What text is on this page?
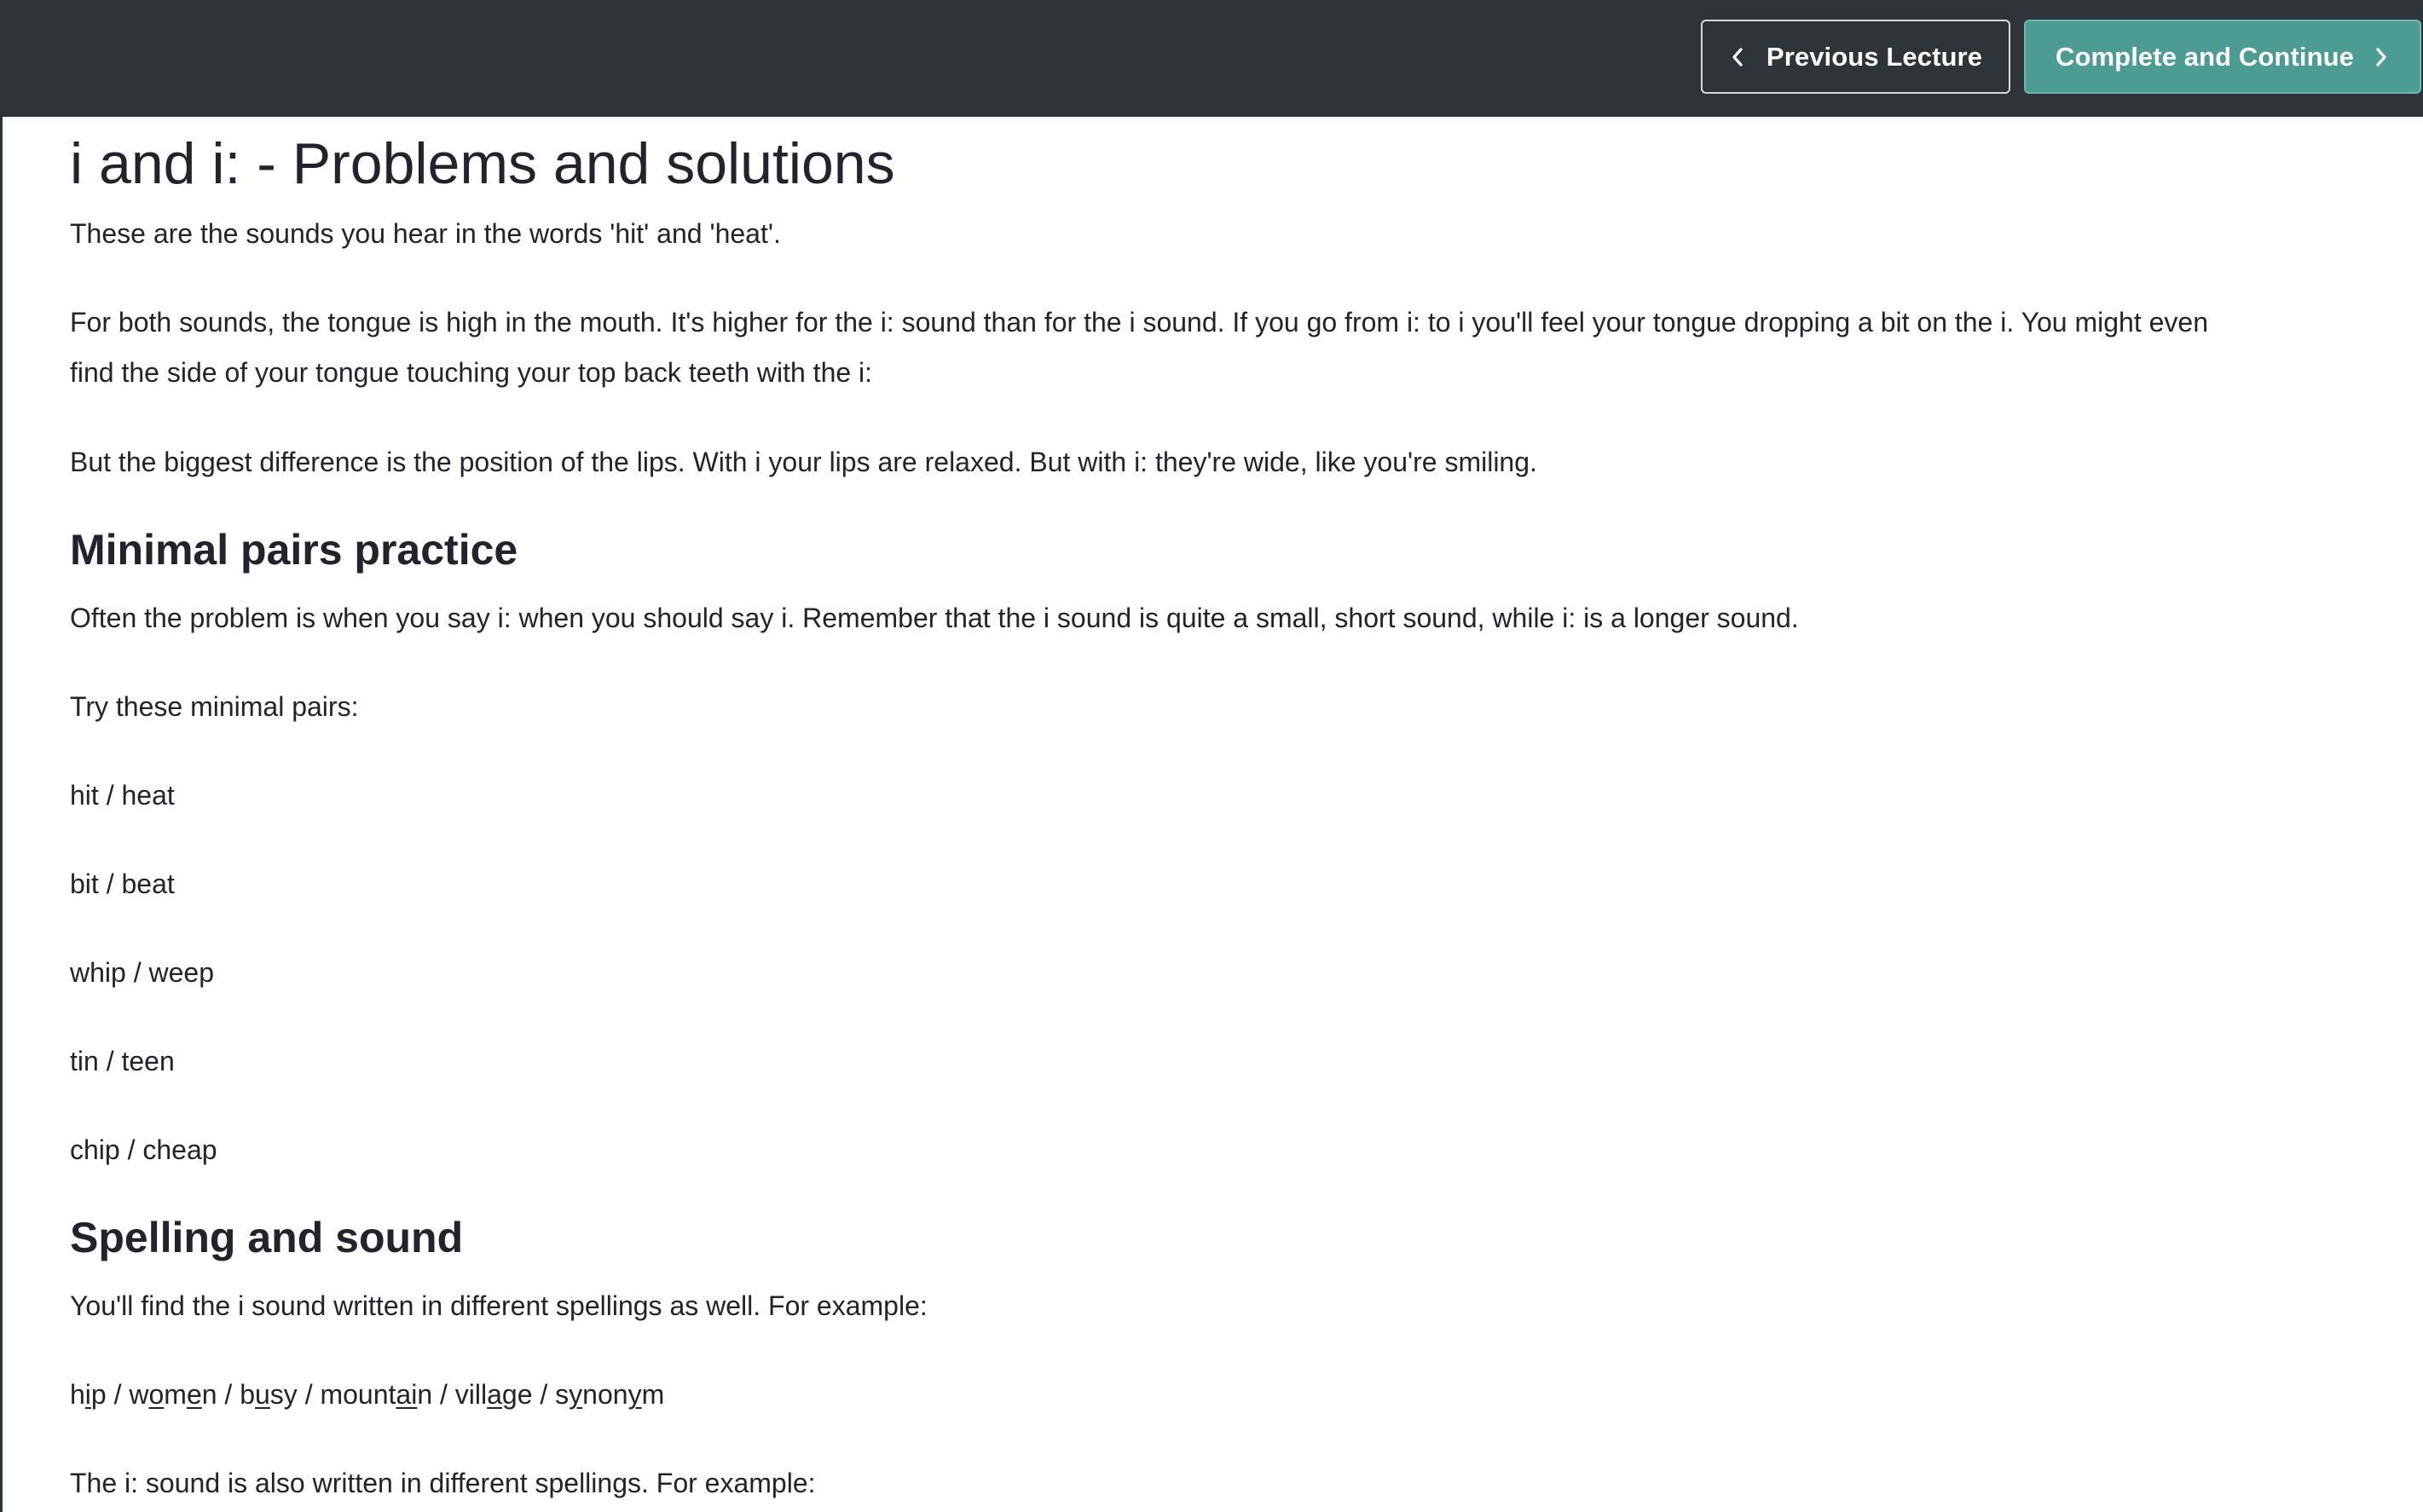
Previous Lecture	Complete and Continue
i and i: - Problems and solutions

These are the sounds you hear in the words 'hit' and 'heat'.

For both sounds, the tongue is high in the mouth. It's higher for the i: sound than for the i sound. If you go from i: to i you'll feel your tongue dropping a bit on the i. You might even

find the side of your tongue touching your top back teeth with the i:

But the biggest difference is the position of the lips. With i your lips are relaxed. But with i: they're wide, like you're smiling.

Minimal pairs practice

Often the problem is when you say i: when you should say i. Remember that the i sound is quite a small, short sound, while i: is a longer sound.

Try these minimal pairs:

hit / heat

bit / beat

whip / weep

tin / teen

chip / cheap

Spelling and sound

You'll find the i sound written in different spellings as well. For example:

hip / women / busy / mountain / village / synonym

The i: sound is also written in different spellings. For example:
